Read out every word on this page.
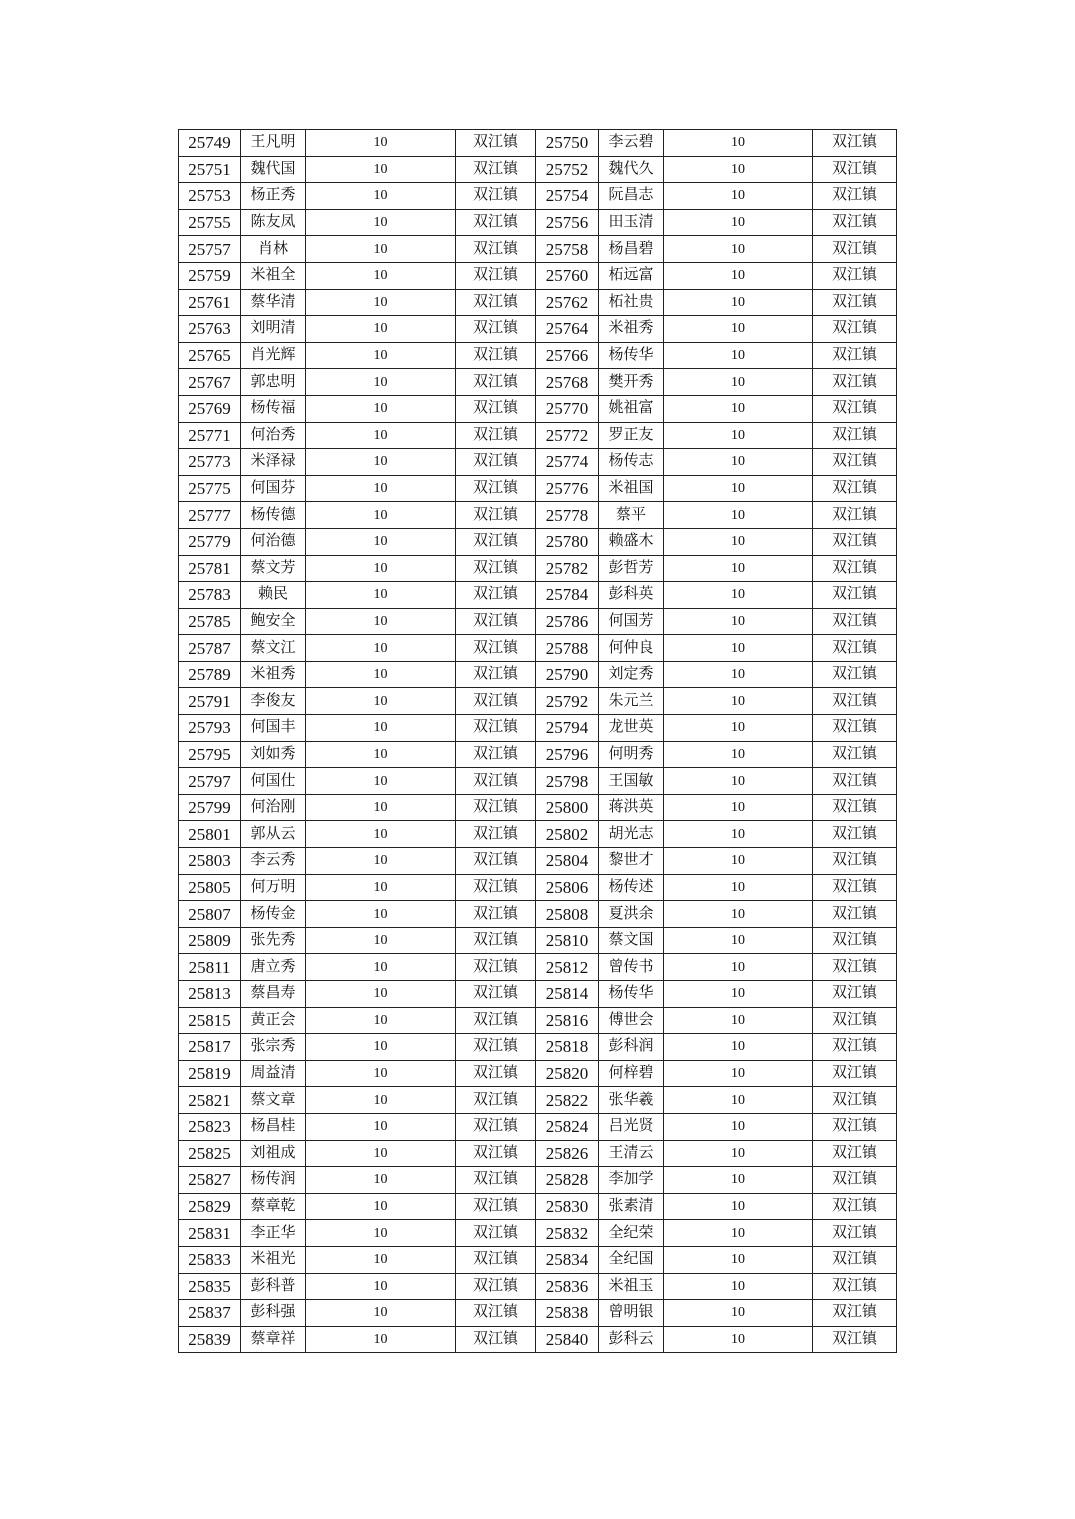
25749	王凡明	10	双江镇	25750	李云碧	10	双江镇
25751	魏代国	10	双江镇	25752	魏代久	10	双江镇
25753	杨正秀	10	双江镇	25754	阮昌志	10	双江镇
25755	陈友凤	10	双江镇	25756	田玉清	10	双江镇
25757	肖林	10	双江镇	25758	杨昌碧	10	双江镇
25759	米祖全	10	双江镇	25760	柘远富	10	双江镇
25761	蔡华清	10	双江镇	25762	柘社贵	10	双江镇
25763	刘明清	10	双江镇	25764	米祖秀	10	双江镇
25765	肖光辉	10	双江镇	25766	杨传华	10	双江镇
25767	郭忠明	10	双江镇	25768	樊开秀	10	双江镇
25769	杨传福	10	双江镇	25770	姚祖富	10	双江镇
25771	何治秀	10	双江镇	25772	罗正友	10	双江镇
25773	米泽禄	10	双江镇	25774	杨传志	10	双江镇
25775	何国芬	10	双江镇	25776	米祖国	10	双江镇
25777	杨传德	10	双江镇	25778	蔡平	10	双江镇
25779	何治德	10	双江镇	25780	赖盛木	10	双江镇
25781	蔡文芳	10	双江镇	25782	彭哲芳	10	双江镇
25783	赖民	10	双江镇	25784	彭科英	10	双江镇
25785	鲍安全	10	双江镇	25786	何国芳	10	双江镇
25787	蔡文江	10	双江镇	25788	何仲良	10	双江镇
25789	米祖秀	10	双江镇	25790	刘定秀	10	双江镇
25791	李俊友	10	双江镇	25792	朱元兰	10	双江镇
25793	何国丰	10	双江镇	25794	龙世英	10	双江镇
25795	刘如秀	10	双江镇	25796	何明秀	10	双江镇
25797	何国仕	10	双江镇	25798	王国敏	10	双江镇
25799	何治刚	10	双江镇	25800	蒋洪英	10	双江镇
25801	郭从云	10	双江镇	25802	胡光志	10	双江镇
25803	李云秀	10	双江镇	25804	黎世才	10	双江镇
25805	何万明	10	双江镇	25806	杨传述	10	双江镇
25807	杨传金	10	双江镇	25808	夏洪余	10	双江镇
25809	张先秀	10	双江镇	25810	蔡文国	10	双江镇
25811	唐立秀	10	双江镇	25812	曾传书	10	双江镇
25813	蔡昌寿	10	双江镇	25814	杨传华	10	双江镇
25815	黄正会	10	双江镇	25816	傅世会	10	双江镇
25817	张宗秀	10	双江镇	25818	彭科润	10	双江镇
25819	周益清	10	双江镇	25820	何梓碧	10	双江镇
25821	蔡文章	10	双江镇	25822	张华羲	10	双江镇
25823	杨昌桂	10	双江镇	25824	吕光贤	10	双江镇
25825	刘祖成	10	双江镇	25826	王清云	10	双江镇
25827	杨传润	10	双江镇	25828	李加学	10	双江镇
25829	蔡章乾	10	双江镇	25830	张素清	10	双江镇
25831	李正华	10	双江镇	25832	全纪荣	10	双江镇
25833	米祖光	10	双江镇	25834	全纪国	10	双江镇
25835	彭科普	10	双江镇	25836	米祖玉	10	双江镇
25837	彭科强	10	双江镇	25838	曾明银	10	双江镇
25839	蔡章祥	10	双江镇	25840	彭科云	10	双江镇
